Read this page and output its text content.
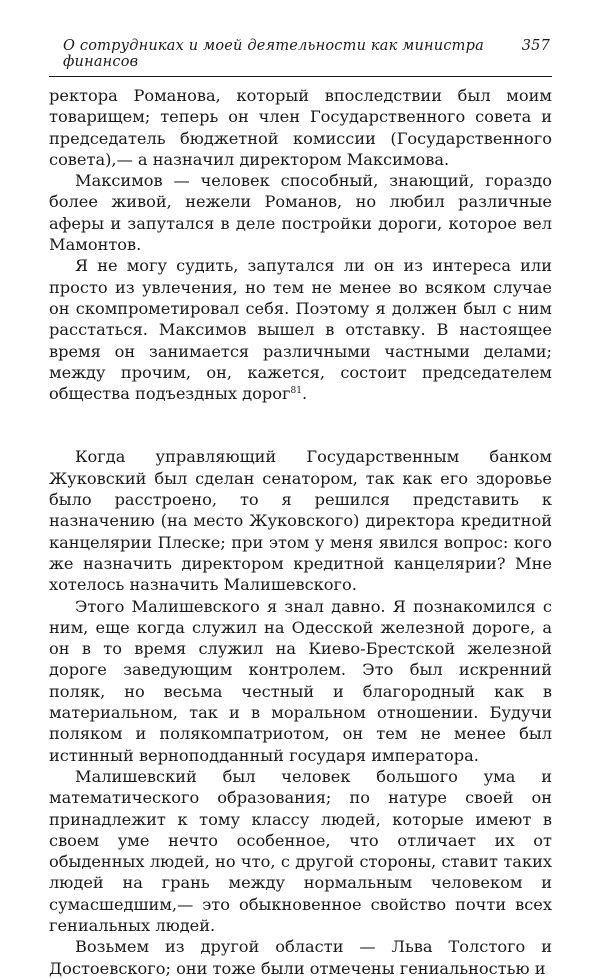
О сотрудниках и моей деятельности как министра финансов
357

ректора Романова, который впоследствии был моим товарищем; теперь он член Государственного совета и председатель бюджетной комиссии (Государственного совета),— а назначил директором Максимова.

Максимов — человек способный, знающий, гораздо более живой, нежели Романов, но любил различные аферы и запутался в деле постройки дороги, которое вел Мамонтов.

Я не могу судить, запутался ли он из интереса или просто из увлечения, но тем не менее во всяком случае он скомпрометировал себя. Поэтому я должен был с ним расстаться. Максимов вышел в отставку. В настоящее время он занимается различными частными делами; между прочим, он, кажется, состоит председателем общества подъездных дорог$^{81}$.

Когда управляющий Государственным банком Жуковский был сделан сенатором, так как его здоровье было расстроено, то я решился представить к назначению (на место Жуковского) директора кредитной канцелярии Плеске; при этом у меня явился вопрос: кого же назначить директором кредитной канцелярии? Мне хотелось назначить Малишевского.

Этого Малишевского я знал давно. Я познакомился с ним, еще когда служил на Одесской железной дороге, а он в то время служил на Киево-Брестской железной дороге заведующим контролем. Это был искренний поляк, но весьма честный и благородный как в материальном, так и в моральном отношении. Будучи поляком и полякомпатриотом, он тем не менее был истинный верноподданный государя императора.

Малишевский был человек большого ума и математического образования; по натуре своей он принадлежит к тому классу людей, которые имеют в своем уме нечто особенное, что отличает их от обыденных людей, но что, с другой стороны, ставит таких людей на грань между нормальным человеком и сумасшедшим,— это обыкновенное свойство почти всех гениальных людей.

Возьмем из другой области — Льва Толстого и Достоевского; они тоже были отмечены гениальностью и
